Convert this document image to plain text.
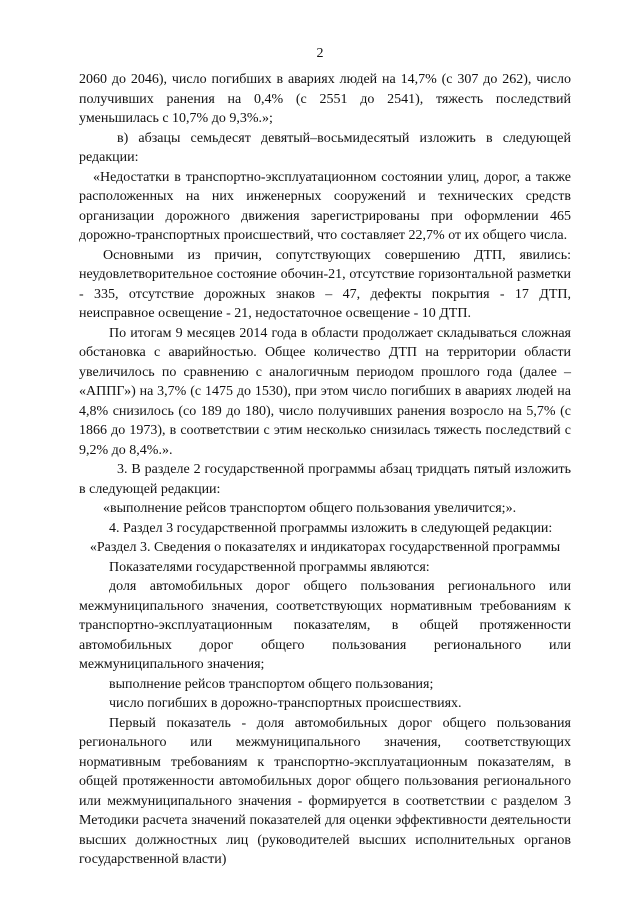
2

2060 до 2046), число погибших в авариях людей на 14,7% (с 307 до 262), число получивших ранения на 0,4% (с 2551 до 2541), тяжесть последствий уменьшилась с 10,7% до 9,3%.»;

в) абзацы семьдесят девятый–восьмидесятый изложить в следующей редакции:

«Недостатки в транспортно-эксплуатационном состоянии улиц, дорог, а также расположенных на них инженерных сооружений и технических средств организации дорожного движения зарегистрированы при оформлении 465 дорожно-транспортных происшествий, что составляет 22,7% от их общего числа.

Основными из причин, сопутствующих совершению ДТП, явились: неудовлетворительное состояние обочин-21, отсутствие горизонтальной разметки - 335, отсутствие дорожных знаков – 47, дефекты покрытия - 17 ДТП, неисправное освещение - 21, недостаточное освещение - 10 ДТП.

По итогам 9 месяцев 2014 года в области продолжает складываться сложная обстановка с аварийностью. Общее количество ДТП на территории области увеличилось по сравнению с аналогичным периодом прошлого года (далее – «АППГ») на 3,7% (с 1475 до 1530), при этом число погибших в авариях людей на 4,8% снизилось (со 189 до 180), число получивших ранения возросло на 5,7% (с 1866 до 1973), в соответствии с этим несколько снизилась тяжесть последствий с 9,2% до 8,4%.».

3. В разделе 2 государственной программы абзац тридцать пятый изложить в следующей редакции:

«выполнение рейсов транспортом общего пользования увеличится;».

4. Раздел 3 государственной программы изложить в следующей редакции:

«Раздел 3. Сведения о показателях и индикаторах государственной программы

Показателями государственной программы являются:

доля автомобильных дорог общего пользования регионального или межмуниципального значения, соответствующих нормативным требованиям к транспортно-эксплуатационным показателям, в общей протяженности автомобильных дорог общего пользования регионального или межмуниципального значения;

выполнение рейсов транспортом общего пользования;

число погибших в дорожно-транспортных происшествиях.

Первый показатель - доля автомобильных дорог общего пользования регионального или межмуниципального значения, соответствующих нормативным требованиям к транспортно-эксплуатационным показателям, в общей протяженности автомобильных дорог общего пользования регионального или межмуниципального значения - формируется в соответствии с разделом 3 Методики расчета значений показателей для оценки эффективности деятельности высших должностных лиц (руководителей высших исполнительных органов государственной власти)
